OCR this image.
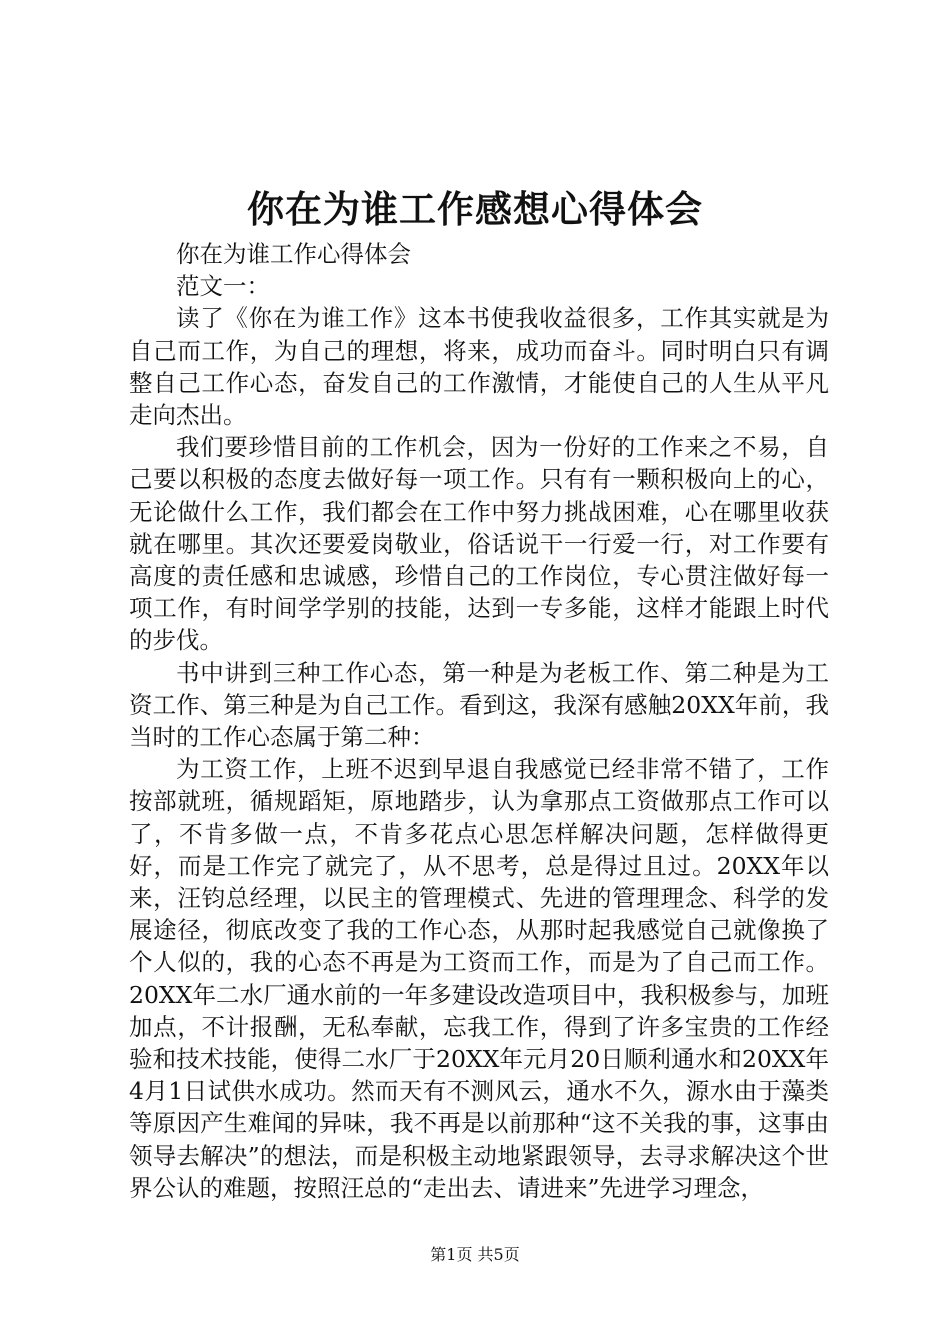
你在为谁工作感想心得体会

你在为谁工作心得体会

范文一：

读了《你在为谁工作》这本书使我收益很多，工作其实就是为自己而工作，为自己的理想，将来，成功而奋斗。同时明白只有调整自己工作心态，奋发自己的工作激情，才能使自己的人生从平凡走向杰出。

我们要珍惜目前的工作机会，因为一份好的工作来之不易，自己要以积极的态度去做好每一项工作。只有有一颗积极向上的心，无论做什么工作，我们都会在工作中努力挑战困难，心在哪里收获就在哪里。其次还要爱岗敬业，俗话说干一行爱一行，对工作要有高度的责任感和忠诚感，珍惜自己的工作岗位，专心贯注做好每一项工作，有时间学学别的技能，达到一专多能，这样才能跟上时代的步伐。

书中讲到三种工作心态，第一种是为老板工作、第二种是为工资工作、第三种是为自己工作。看到这，我深有感触20XX年前，我当时的工作心态属于第二种：

为工资工作，上班不迟到早退自我感觉已经非常不错了，工作按部就班，循规蹈矩，原地踏步，认为拿那点工资做那点工作可以了，不肯多做一点，不肯多花点心思怎样解决问题，怎样做得更好，而是工作完了就完了，从不思考，总是得过且过。20XX年以来，汪钧总经理，以民主的管理模式、先进的管理理念、科学的发展途径，彻底改变了我的工作心态，从那时起我感觉自己就像换了个人似的，我的心态不再是为工资而工作，而是为了自己而工作。20XX年二水厂通水前的一年多建设改造项目中，我积极参与，加班加点，不计报酬，无私奉献，忘我工作，得到了许多宝贵的工作经验和技术技能，使得二水厂于20XX年元月20日顺利通水和20XX年4月1日试供水成功。然而天有不测风云，通水不久，源水由于藻类等原因产生难闻的异味，我不再是以前那种“这不关我的事，这事由领导去解决”的想法，而是积极主动地紧跟领导，去寻求解决这个世界公认的难题，按照汪总的“走出去、请进来”先进学习理念，

第1页 共5页
